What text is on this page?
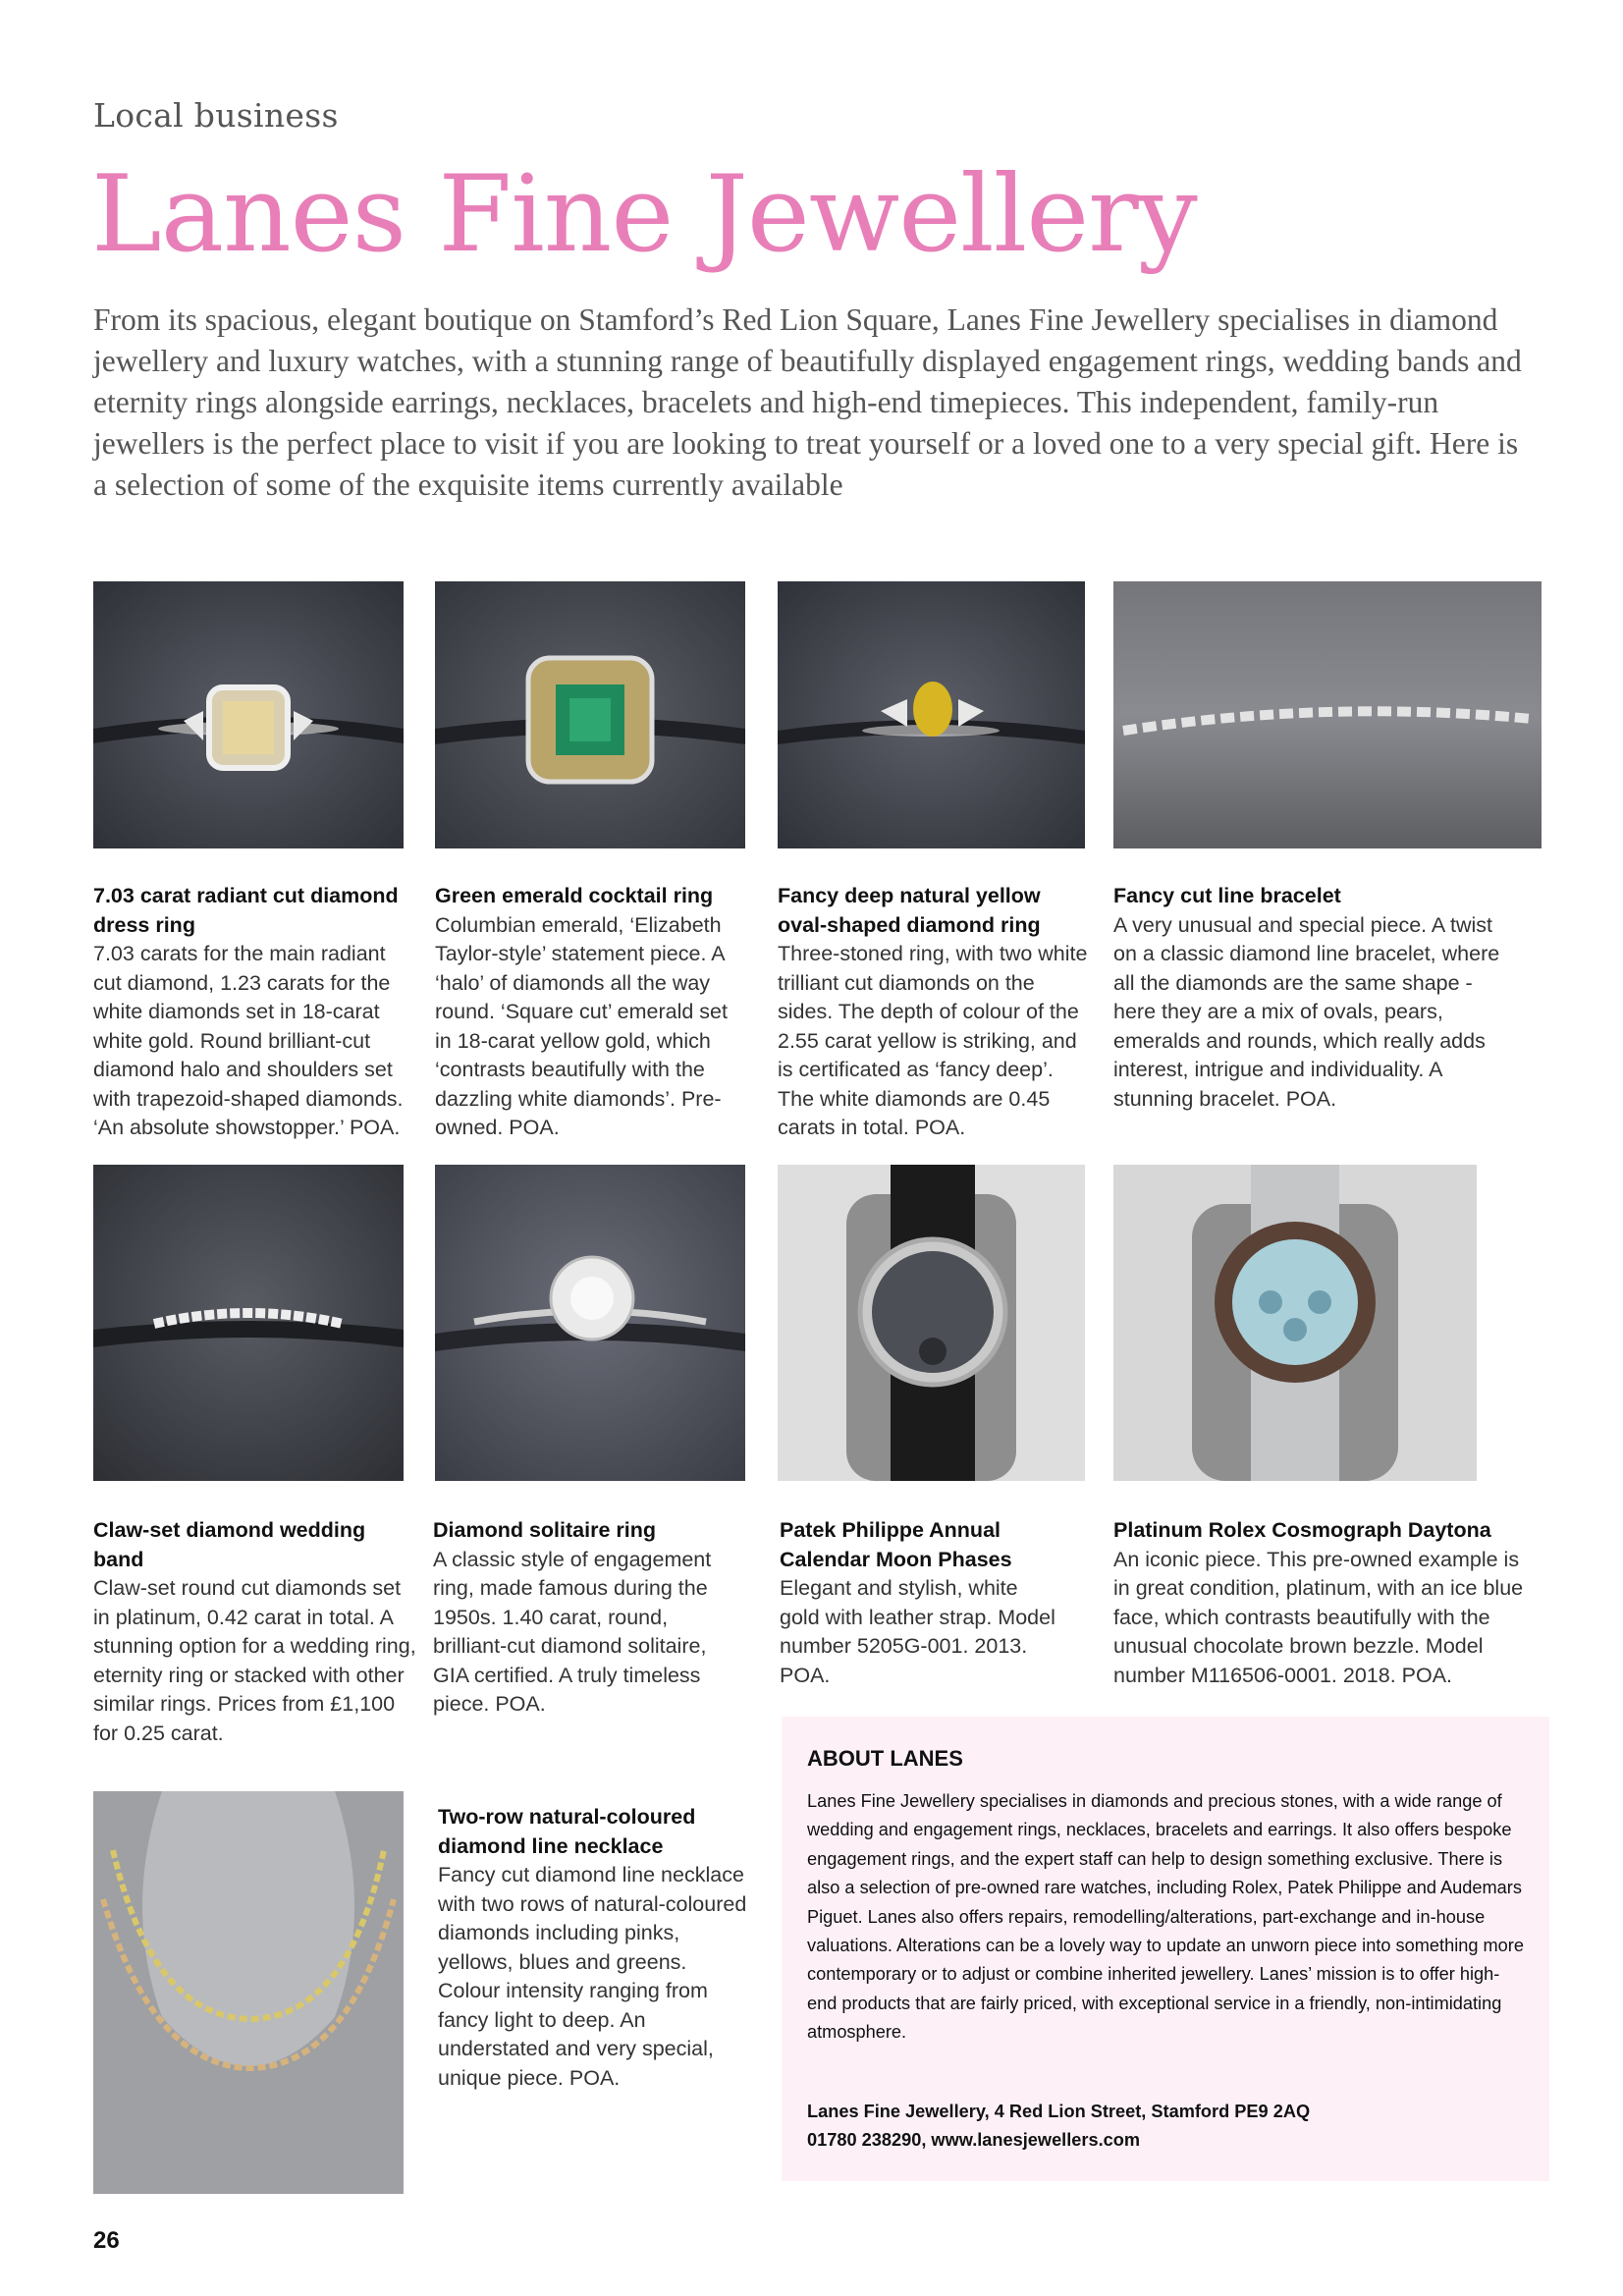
Local business
Lanes Fine Jewellery
From its spacious, elegant boutique on Stamford’s Red Lion Square, Lanes Fine Jewellery specialises in diamond jewellery and luxury watches, with a stunning range of beautifully displayed engagement rings, wedding bands and eternity rings alongside earrings, necklaces, bracelets and high-end timepieces. This independent, family-run jewellers is the perfect place to visit if you are looking to treat yourself or a loved one to a very special gift. Here is a selection of some of the exquisite items currently available
7.03 carat radiant cut diamond dress ring
7.03 carats for the main radiant cut diamond, 1.23 carats for the white diamonds set in 18-carat white gold. Round brilliant-cut diamond halo and shoulders set with trapezoid-shaped diamonds. ‘An absolute showstopper.’ POA.
Green emerald cocktail ring
Columbian emerald, ‘Elizabeth Taylor-style’ statement piece. A ‘halo’ of diamonds all the way round. ‘Square cut’ emerald set in 18-carat yellow gold, which ‘contrasts beautifully with the dazzling white diamonds’. Pre-owned. POA.
Fancy deep natural yellow oval-shaped diamond ring
Three-stoned ring, with two white trilliant cut diamonds on the sides. The depth of colour of the 2.55 carat yellow is striking, and is certificated as ‘fancy deep’. The white diamonds are 0.45 carats in total. POA.
Fancy cut line bracelet
A very unusual and special piece. A twist on a classic diamond line bracelet, where all the diamonds are the same shape - here they are a mix of ovals, pears, emeralds and rounds, which really adds interest, intrigue and individuality. A stunning bracelet. POA.
Claw-set diamond wedding band
Claw-set round cut diamonds set in platinum, 0.42 carat in total. A stunning option for a wedding ring, eternity ring or stacked with other similar rings. Prices from £1,100 for 0.25 carat.
Diamond solitaire ring
A classic style of engagement ring, made famous during the 1950s. 1.40 carat, round, brilliant-cut diamond solitaire, GIA certified. A truly timeless piece. POA.
Patek Philippe Annual Calendar Moon Phases
Elegant and stylish, white gold with leather strap. Model number 5205G-001. 2013. POA.
Platinum Rolex Cosmograph Daytona
An iconic piece. This pre-owned example is in great condition, platinum, with an ice blue face, which contrasts beautifully with the unusual chocolate brown bezzle. Model number M116506-0001. 2018. POA.
Two-row natural-coloured diamond line necklace
Fancy cut diamond line necklace with two rows of natural-coloured diamonds including pinks, yellows, blues and greens. Colour intensity ranging from fancy light to deep. An understated and very special, unique piece. POA.
ABOUT LANES
Lanes Fine Jewellery specialises in diamonds and precious stones, with a wide range of wedding and engagement rings, necklaces, bracelets and earrings. It also offers bespoke engagement rings, and the expert staff can help to design something exclusive. There is also a selection of pre-owned rare watches, including Rolex, Patek Philippe and Audemars Piguet. Lanes also offers repairs, remodelling/alterations, part-exchange and in-house valuations. Alterations can be a lovely way to update an unworn piece into something more contemporary or to adjust or combine inherited jewellery. Lanes’ mission is to offer high-end products that are fairly priced, with exceptional service in a friendly, non-intimidating atmosphere.
Lanes Fine Jewellery, 4 Red Lion Street, Stamford PE9 2AQ
01780 238290, www.lanesjewellers.com
26
